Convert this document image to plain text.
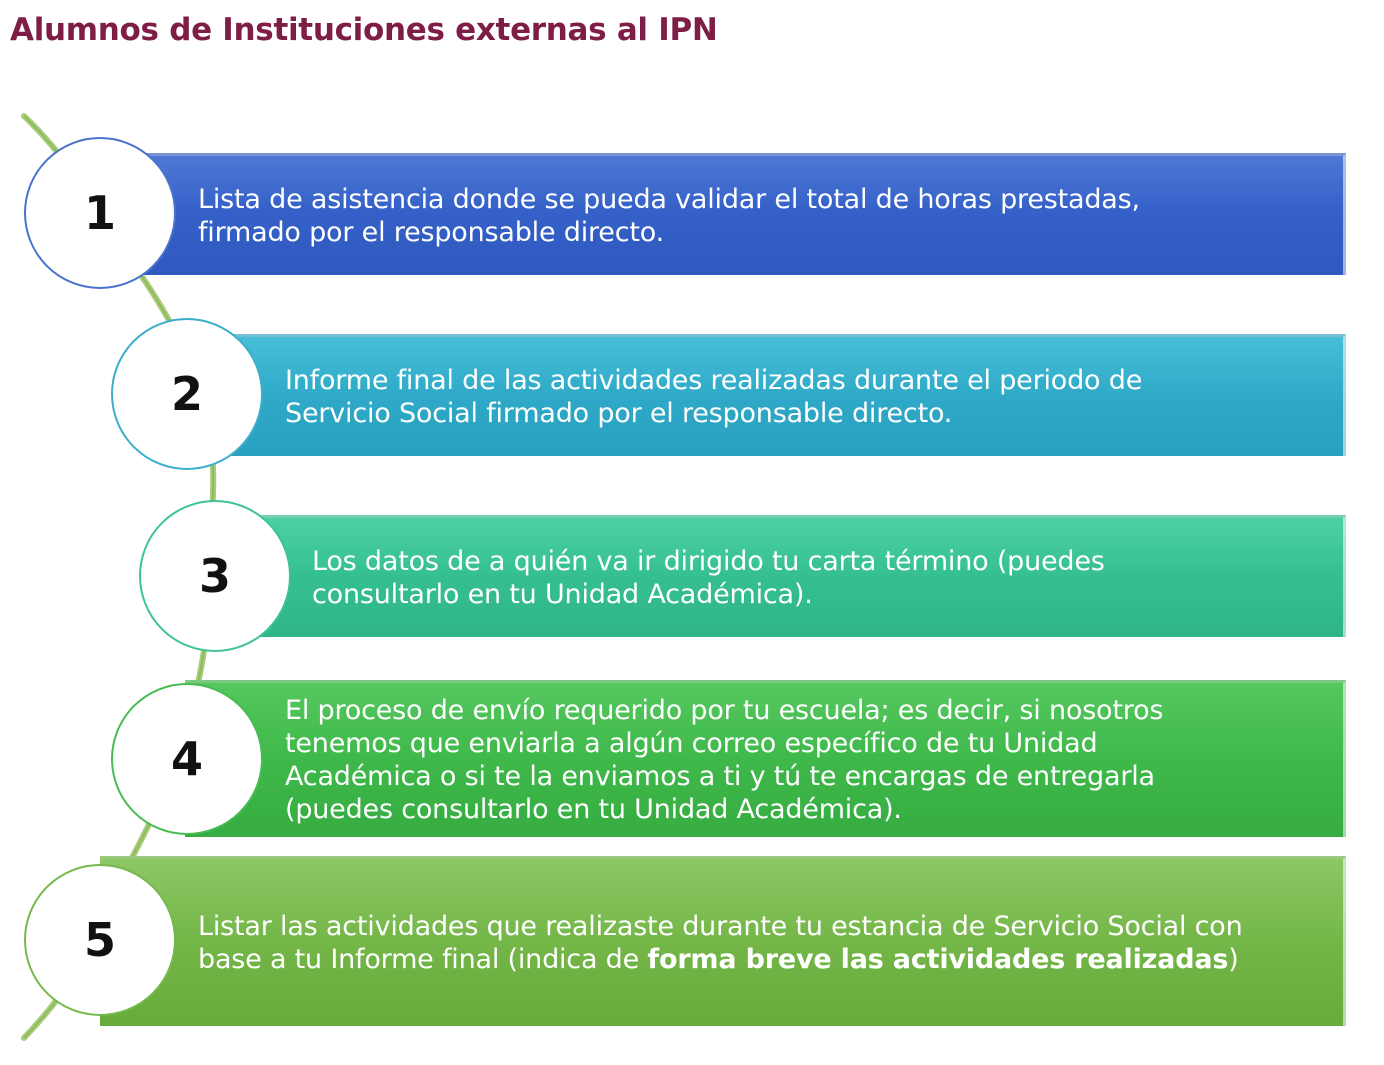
Alumnos de Instituciones externas al IPN
Lista de asistencia donde se pueda validar el total de horas prestadas,
firmado por el responsable directo.
Informe final de las actividades realizadas durante el periodo de
Servicio Social firmado por el responsable directo.
Los datos de a quién va ir dirigido tu carta término (puedes
consultarlo en tu Unidad Académica).
El proceso de envío requerido por tu escuela; es decir, si nosotros
tenemos que enviarla a algún correo específico de tu Unidad
Académica o si te la enviamos a ti y tú te encargas de entregarla
(puedes consultarlo en tu Unidad Académica).
Listar las actividades que realizaste durante tu estancia de Servicio Social con
base a tu Informe final (indica de forma breve las actividades realizadas)
1
2
3
4
5
